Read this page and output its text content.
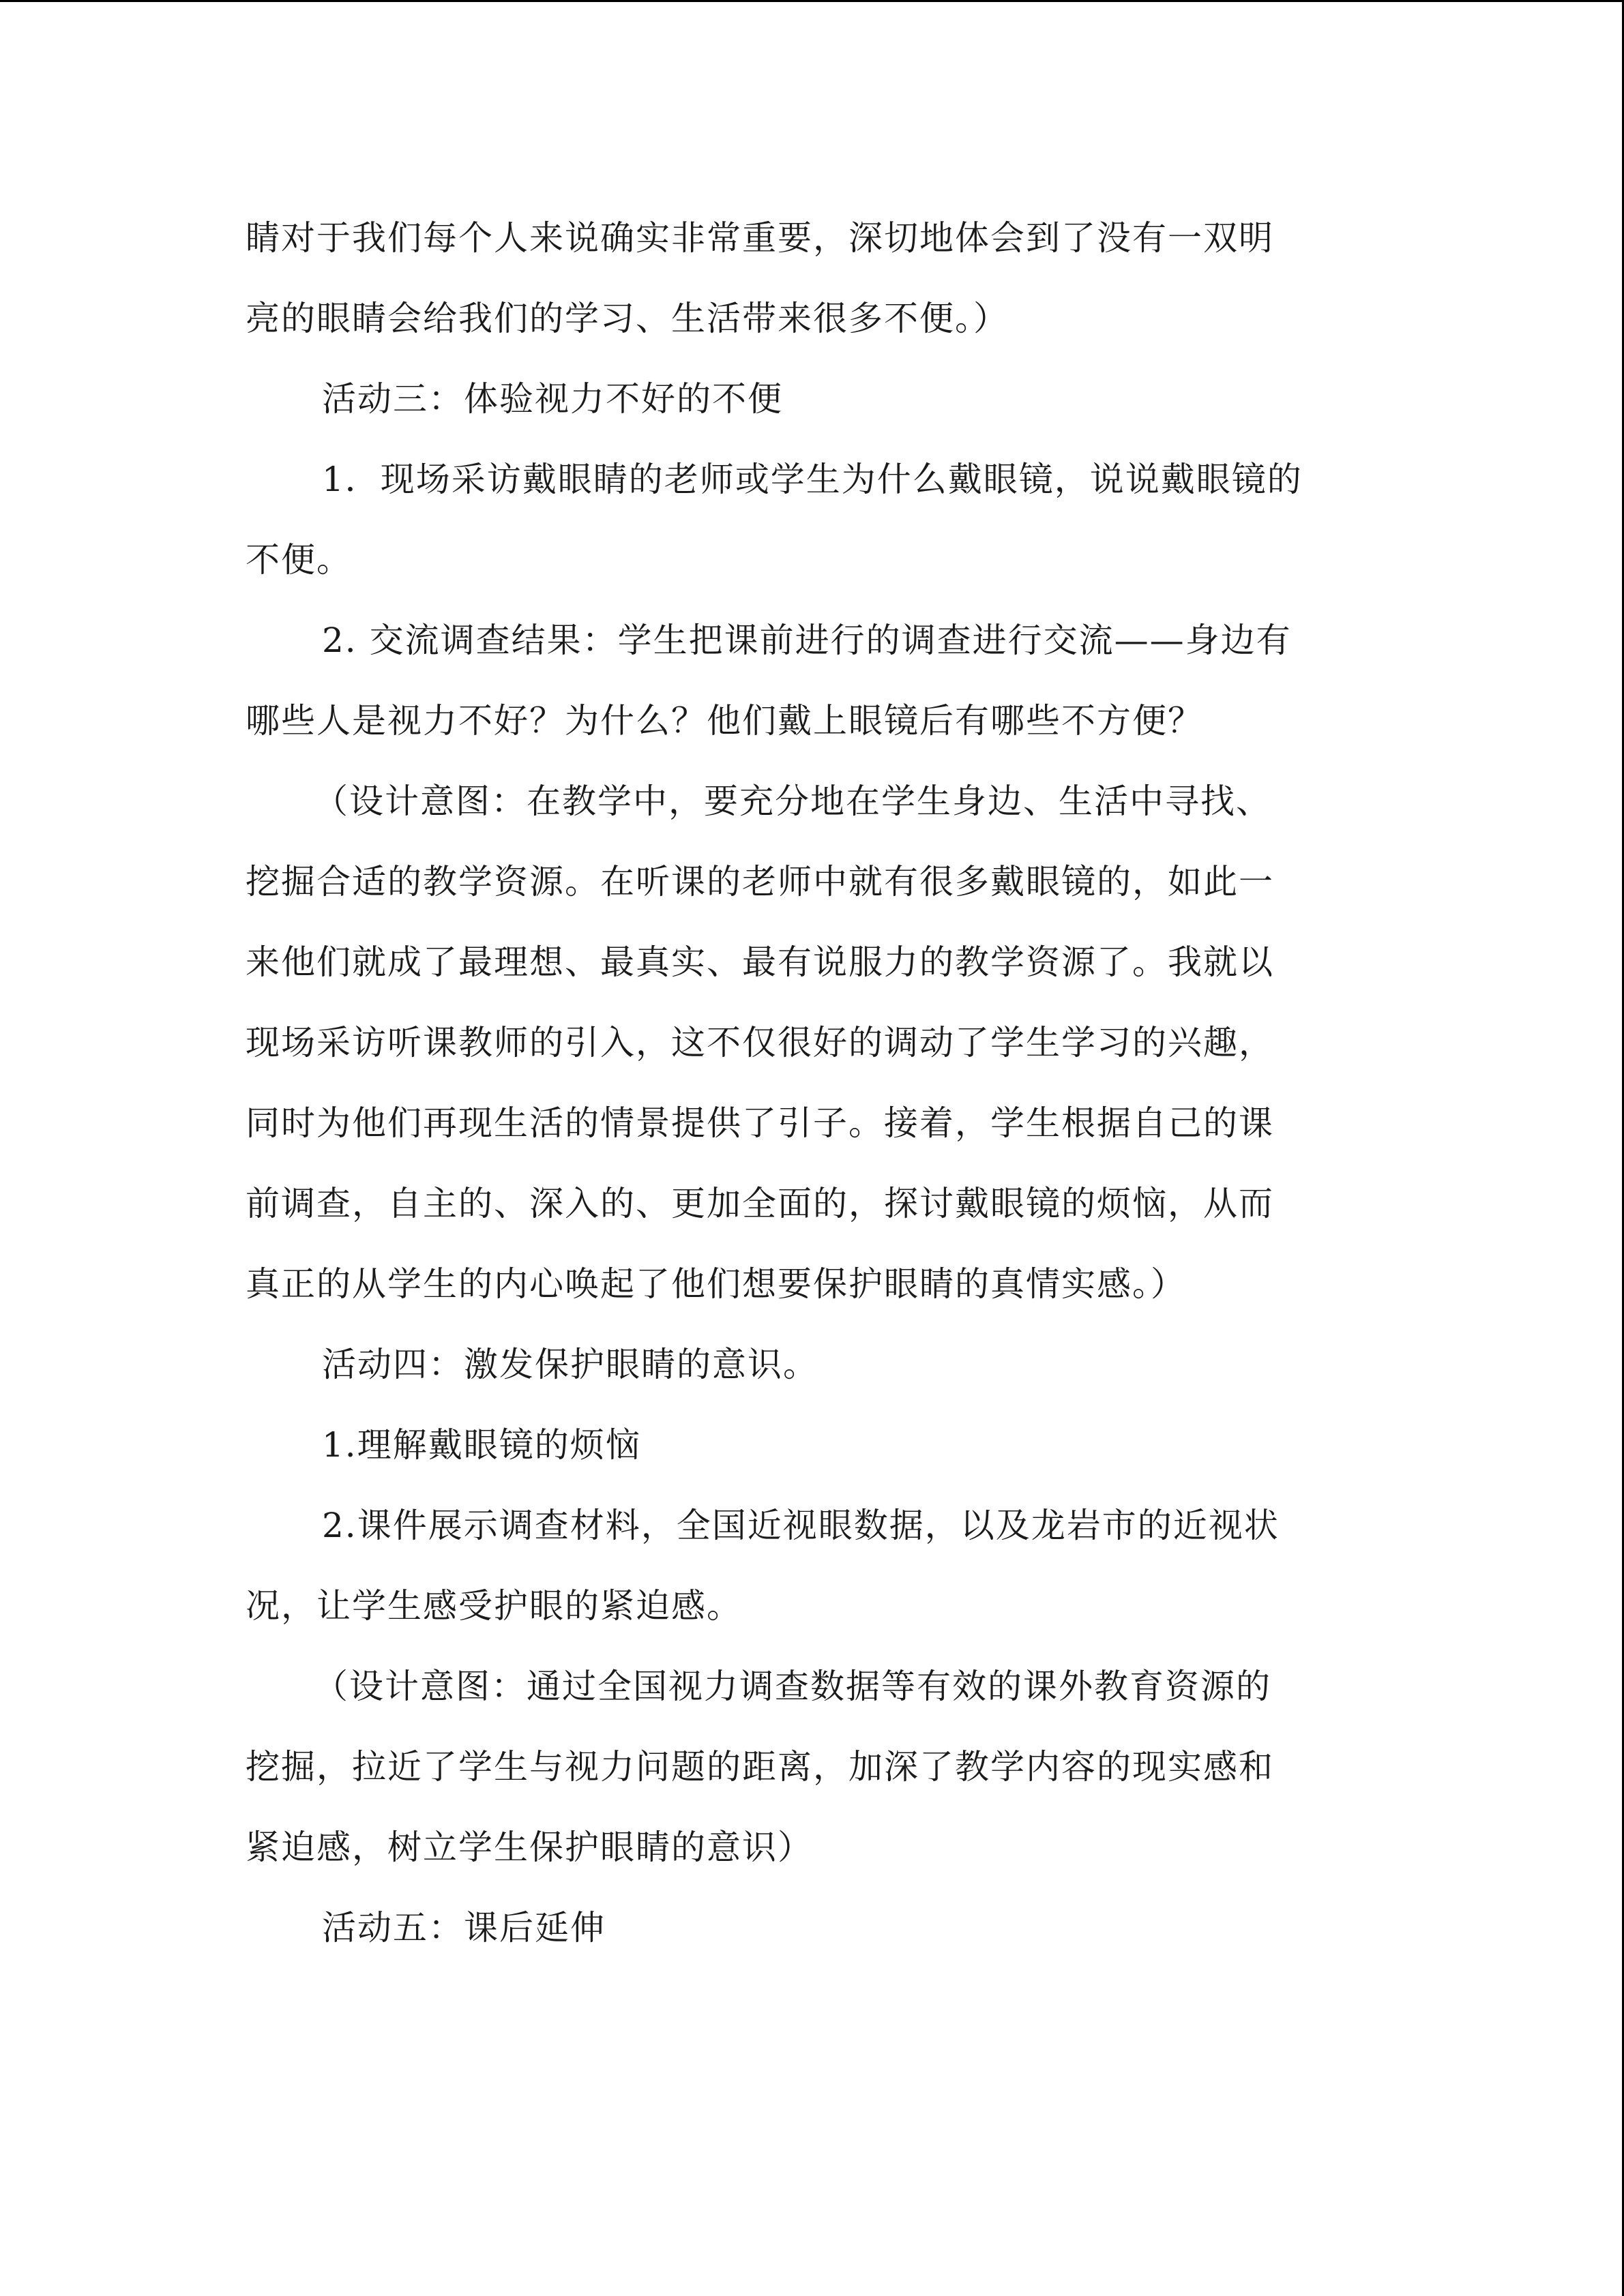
睛对于我们每个人来说确实非常重要，深切地体会到了没有一双明
亮的眼睛会给我们的学习、生活带来很多不便。）
活动三：体验视力不好的不便
1．现场采访戴眼睛的老师或学生为什么戴眼镜，说说戴眼镜的
不便。
2. 交流调查结果：学生把课前进行的调查进行交流——身边有
哪些人是视力不好？为什么？他们戴上眼镜后有哪些不方便？
（设计意图：在教学中，要充分地在学生身边、生活中寻找、
挖掘合适的教学资源。在听课的老师中就有很多戴眼镜的，如此一
来他们就成了最理想、最真实、最有说服力的教学资源了。我就以
现场采访听课教师的引入，这不仅很好的调动了学生学习的兴趣，
同时为他们再现生活的情景提供了引子。接着，学生根据自己的课
前调查，自主的、深入的、更加全面的，探讨戴眼镜的烦恼，从而
真正的从学生的内心唤起了他们想要保护眼睛的真情实感。）
活动四：激发保护眼睛的意识。
1.理解戴眼镜的烦恼
2.课件展示调查材料，全国近视眼数据，以及龙岩市的近视状
况，让学生感受护眼的紧迫感。
（设计意图：通过全国视力调查数据等有效的课外教育资源的
挖掘，拉近了学生与视力问题的距离，加深了教学内容的现实感和
紧迫感，树立学生保护眼睛的意识）
活动五：课后延伸
